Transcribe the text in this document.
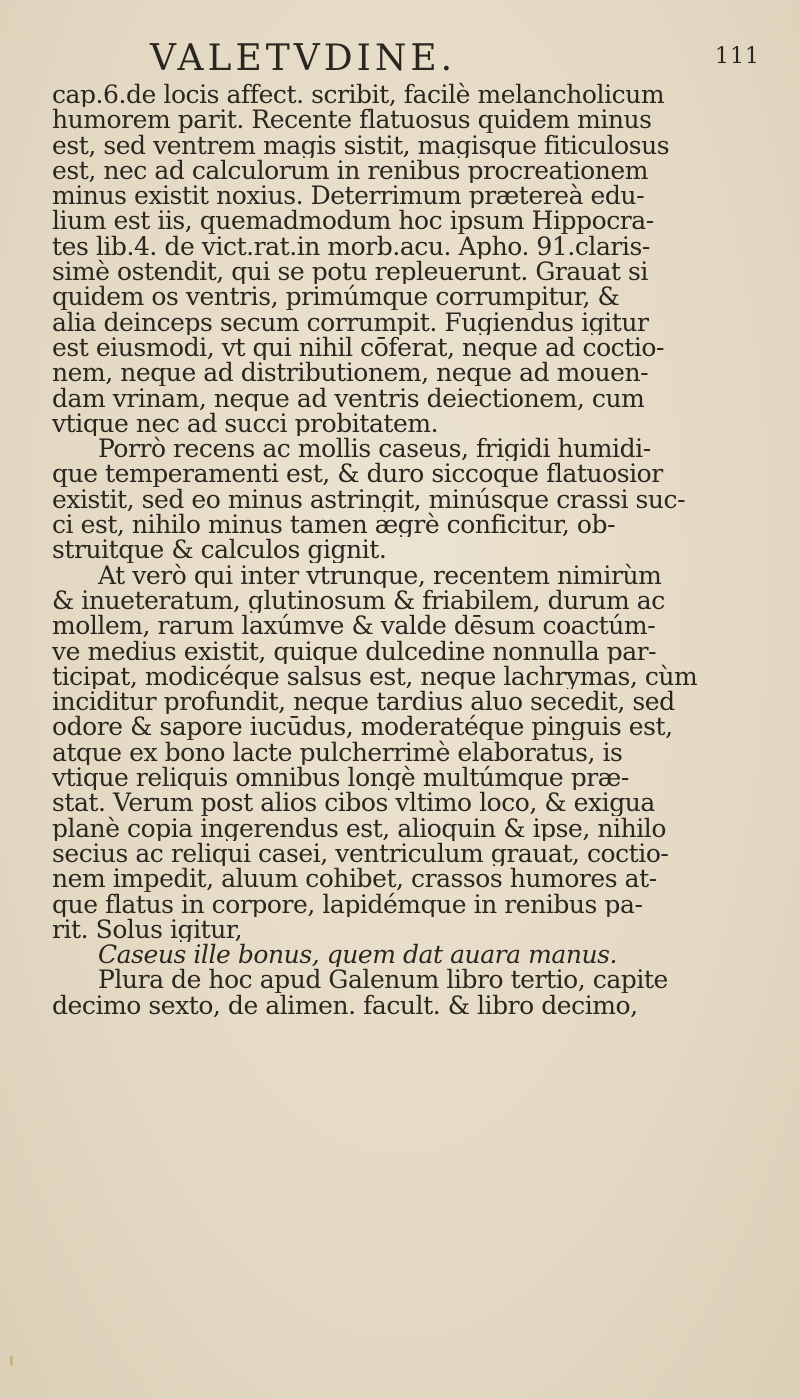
VALETVDINE.	111
cap.6.de locis affect. scribit, facilè melancholicum
humorem parit. Recente flatuosus quidem minus
est, sed ventrem magis sistit, magisque fiticulosus
est, nec ad calculorum in renibus procreationem
minus existit noxius. Deterrimum prætereà edu-
lium est iis, quemadmodum hoc ipsum Hippocra-
tes lib.4. de vict.rat.in morb.acu. Apho. 91.claris-
simè ostendit, qui se potu repleuerunt. Grauat si
quidem os ventris, primúmque corrumpitur, &
alia deinceps secum corrumpit. Fugiendus igitur
est eiusmodi, vt qui nihil cōferat, neque ad coctio-
nem, neque ad distributionem, neque ad mouen-
dam vrinam, neque ad ventris deiectionem, cum
vtique nec ad succi probitatem.
Porrò recens ac mollis caseus, frigidi humidi-
que temperamenti est, & duro siccoque flatuosior
existit, sed eo minus astringit, minúsque crassi suc-
ci est, nihilo minus tamen ægrè conficitur, ob-
struitque & calculos gignit.
At verò qui inter vtrunque, recentem nimirùm
& inueteratum, glutinosum & friabilem, durum ac
mollem, rarum laxúmve & valde dēsum coactúm-
ve medius existit, quique dulcedine nonnulla par-
ticipat, modicéque salsus est, neque lachrymas, cùm
inciditur profundit, neque tardius aluo secedit, sed
odore & sapore iucūdus, moderatéque pinguis est,
atque ex bono lacte pulcherrimè elaboratus, is
vtique reliquis omnibus longè multúmque præ-
stat. Verum post alios cibos vltimo loco, & exigua
planè copia ingerendus est, alioquin & ipse, nihilo
secius ac reliqui casei, ventriculum grauat, coctio-
nem impedit, aluum cohibet, crassos humores at-
que flatus in corpore, lapidémque in renibus pa-
rit. Solus igitur,
Caseus ille bonus, quem dat auara manus.
Plura de hoc apud Galenum libro tertio, capite
decimo sexto, de alimen. facult. & libro decimo,
